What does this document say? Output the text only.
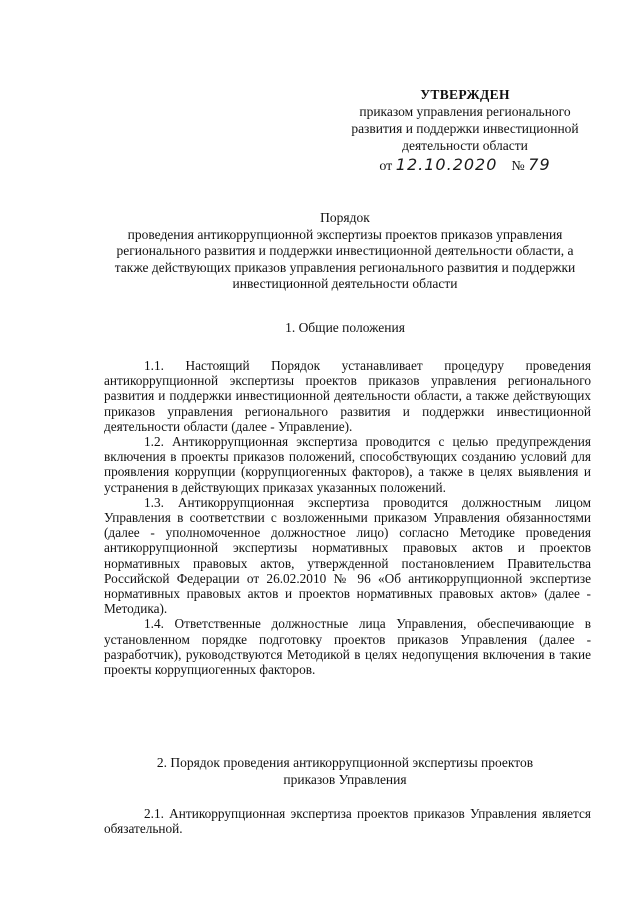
УТВЕРЖДЕН
приказом управления регионального
развития и поддержки инвестиционной
деятельности области
от 12.10.2020 № 79
Порядок
проведения антикоррупционной экспертизы проектов приказов управления регионального развития и поддержки инвестиционной деятельности области, а также действующих приказов управления регионального развития и поддержки инвестиционной деятельности области
1. Общие положения

1.1. Настоящий Порядок устанавливает процедуру проведения антикоррупционной экспертизы проектов приказов управления регионального развития и поддержки инвестиционной деятельности области, а также действующих приказов управления регионального развития и поддержки инвестиционной деятельности области (далее - Управление).

1.2. Антикоррупционная экспертиза проводится с целью предупреждения включения в проекты приказов положений, способствующих созданию условий для проявления коррупции (коррупциогенных факторов), а также в целях выявления и устранения в действующих приказах указанных положений.

1.3. Антикоррупционная экспертиза проводится должностным лицом Управления в соответствии с возложенными приказом Управления обязанностями (далее - уполномоченное должностное лицо) согласно Методике проведения антикоррупционной экспертизы нормативных правовых актов и проектов нормативных правовых актов, утвержденной постановлением Правительства Российской Федерации от 26.02.2010 № 96 «Об антикоррупционной экспертизе нормативных правовых актов и проектов нормативных правовых актов» (далее - Методика).

1.4. Ответственные должностные лица Управления, обеспечивающие в установленном порядке подготовку проектов приказов Управления (далее - разработчик), руководствуются Методикой в целях недопущения включения в такие проекты коррупциогенных факторов.

2. Порядок проведения антикоррупционной экспертизы проектов
приказов Управления

2.1. Антикоррупционная экспертиза проектов приказов Управления является обязательной.
